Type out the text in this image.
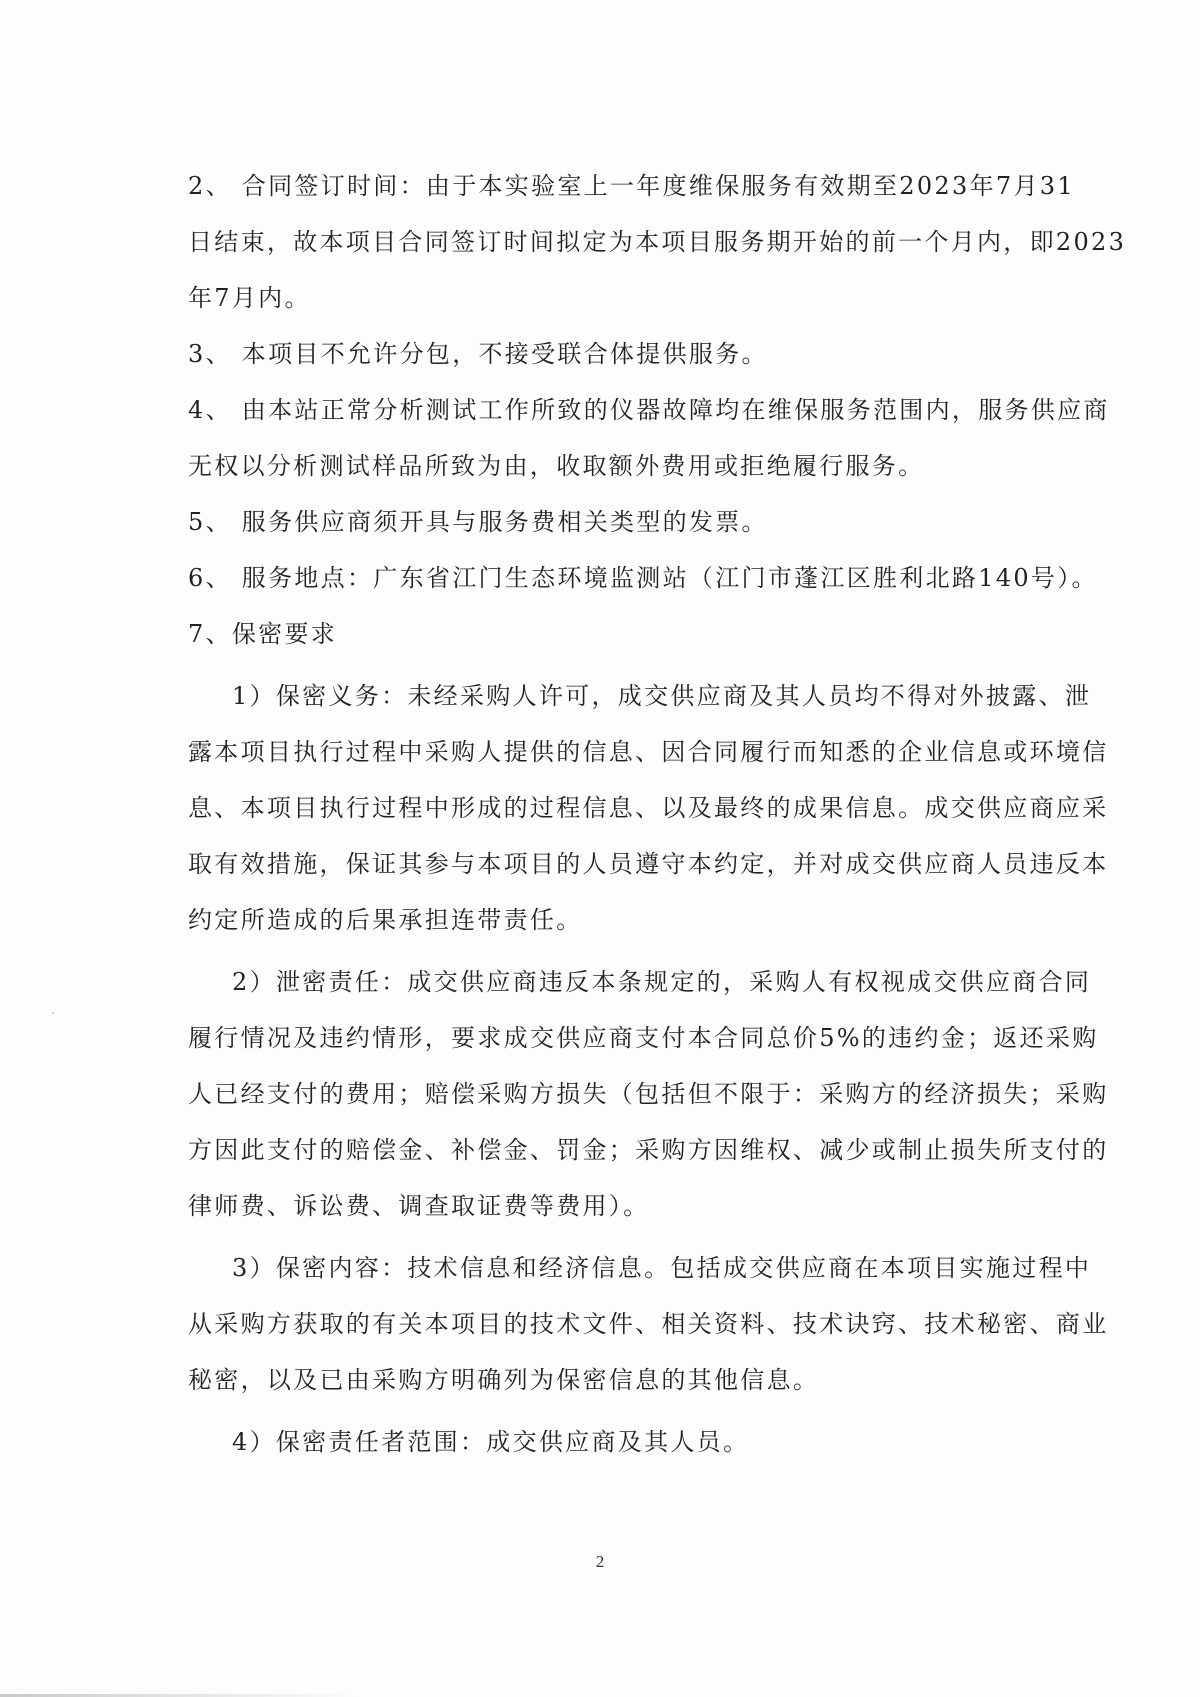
2、 合同签订时间：由于本实验室上一年度维保服务有效期至2023年7月31
日结束，故本项目合同签订时间拟定为本项目服务期开始的前一个月内，即2023
年7月内。
3、 本项目不允许分包，不接受联合体提供服务。
4、 由本站正常分析测试工作所致的仪器故障均在维保服务范围内，服务供应商
无权以分析测试样品所致为由，收取额外费用或拒绝履行服务。
5、 服务供应商须开具与服务费相关类型的发票。
6、 服务地点：广东省江门生态环境监测站（江门市蓬江区胜利北路140号）。
7、保密要求
1）保密义务：未经采购人许可，成交供应商及其人员均不得对外披露、泄
露本项目执行过程中采购人提供的信息、因合同履行而知悉的企业信息或环境信
息、本项目执行过程中形成的过程信息、以及最终的成果信息。成交供应商应采
取有效措施，保证其参与本项目的人员遵守本约定，并对成交供应商人员违反本
约定所造成的后果承担连带责任。
2）泄密责任：成交供应商违反本条规定的，采购人有权视成交供应商合同
履行情况及违约情形，要求成交供应商支付本合同总价5%的违约金；返还采购
人已经支付的费用；赔偿采购方损失（包括但不限于：采购方的经济损失；采购
方因此支付的赔偿金、补偿金、罚金；采购方因维权、减少或制止损失所支付的
律师费、诉讼费、调查取证费等费用）。
3）保密内容：技术信息和经济信息。包括成交供应商在本项目实施过程中
从采购方获取的有关本项目的技术文件、相关资料、技术诀窍、技术秘密、商业
秘密，以及已由采购方明确列为保密信息的其他信息。
4）保密责任者范围：成交供应商及其人员。
2
